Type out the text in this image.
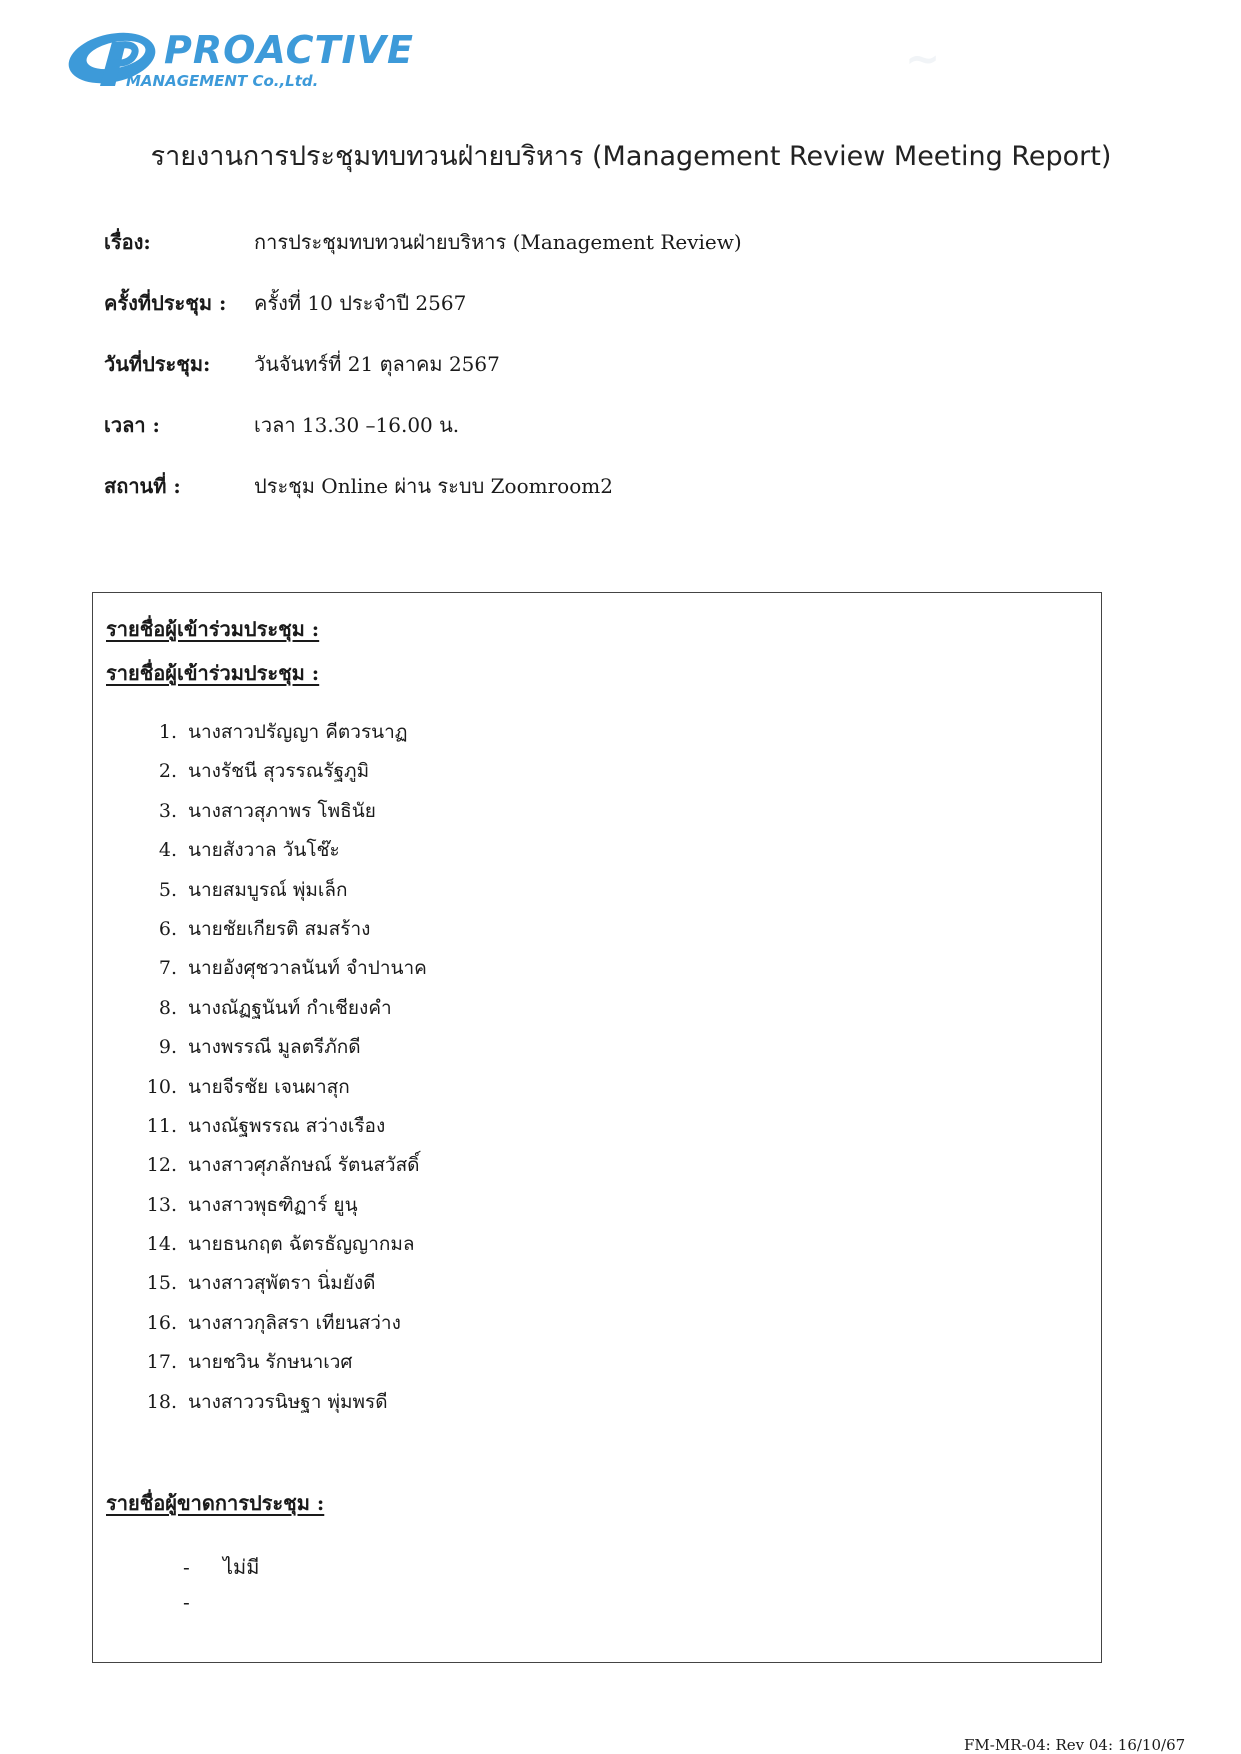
PROACTIVE
MANAGEMENT Co.,Ltd.	~
รายงานการประชุมทบทวนฝ่ายบริหาร (Management Review Meeting Report)
เรื่อง:	การประชุมทบทวนฝ่ายบริหาร (Management Review)
ครั้งที่ประชุม :	ครั้งที่ 10 ประจำปี 2567
วันที่ประชุม:	วันจันทร์ที่ 21 ตุลาคม 2567
เวลา :	เวลา 13.30 –16.00 น.
สถานที่ :	ประชุม Online ผ่าน ระบบ Zoomroom2
รายชื่อผู้เข้าร่วมประชุม :
รายชื่อผู้เข้าร่วมประชุม :
1. นางสาวปรัญญา คีตวรนาฏ
2. นางรัชนี สุวรรณรัฐภูมิ
3. นางสาวสุภาพร โพธินัย
4. นายสังวาล วันโช๊ะ
5. นายสมบูรณ์ พุ่มเล็ก
6. นายชัยเกียรติ สมสร้าง
7. นายอังศุชวาลนันท์ จำปานาค
8. นางณัฏฐนันท์ กำเชียงคำ
9. นางพรรณี มูลตรีภักดี
10. นายจีรชัย เจนผาสุก
11. นางณัฐพรรณ สว่างเรือง
12. นางสาวศุภลักษณ์ รัตนสวัสดิ์
13. นางสาวพุธฑิฏาร์ ยูนุ
14. นายธนกฤต ฉัตรธัญญากมล
15. นางสาวสุพัตรา นิ่มยังดี
16. นางสาวกุลิสรา เทียนสว่าง
17. นายชวิน รักษนาเวศ
18. นางสาววรนิษฐา พุ่มพรดี
รายชื่อผู้ขาดการประชุม :
- ไม่มี
-
FM-MR-04: Rev 04: 16/10/67
